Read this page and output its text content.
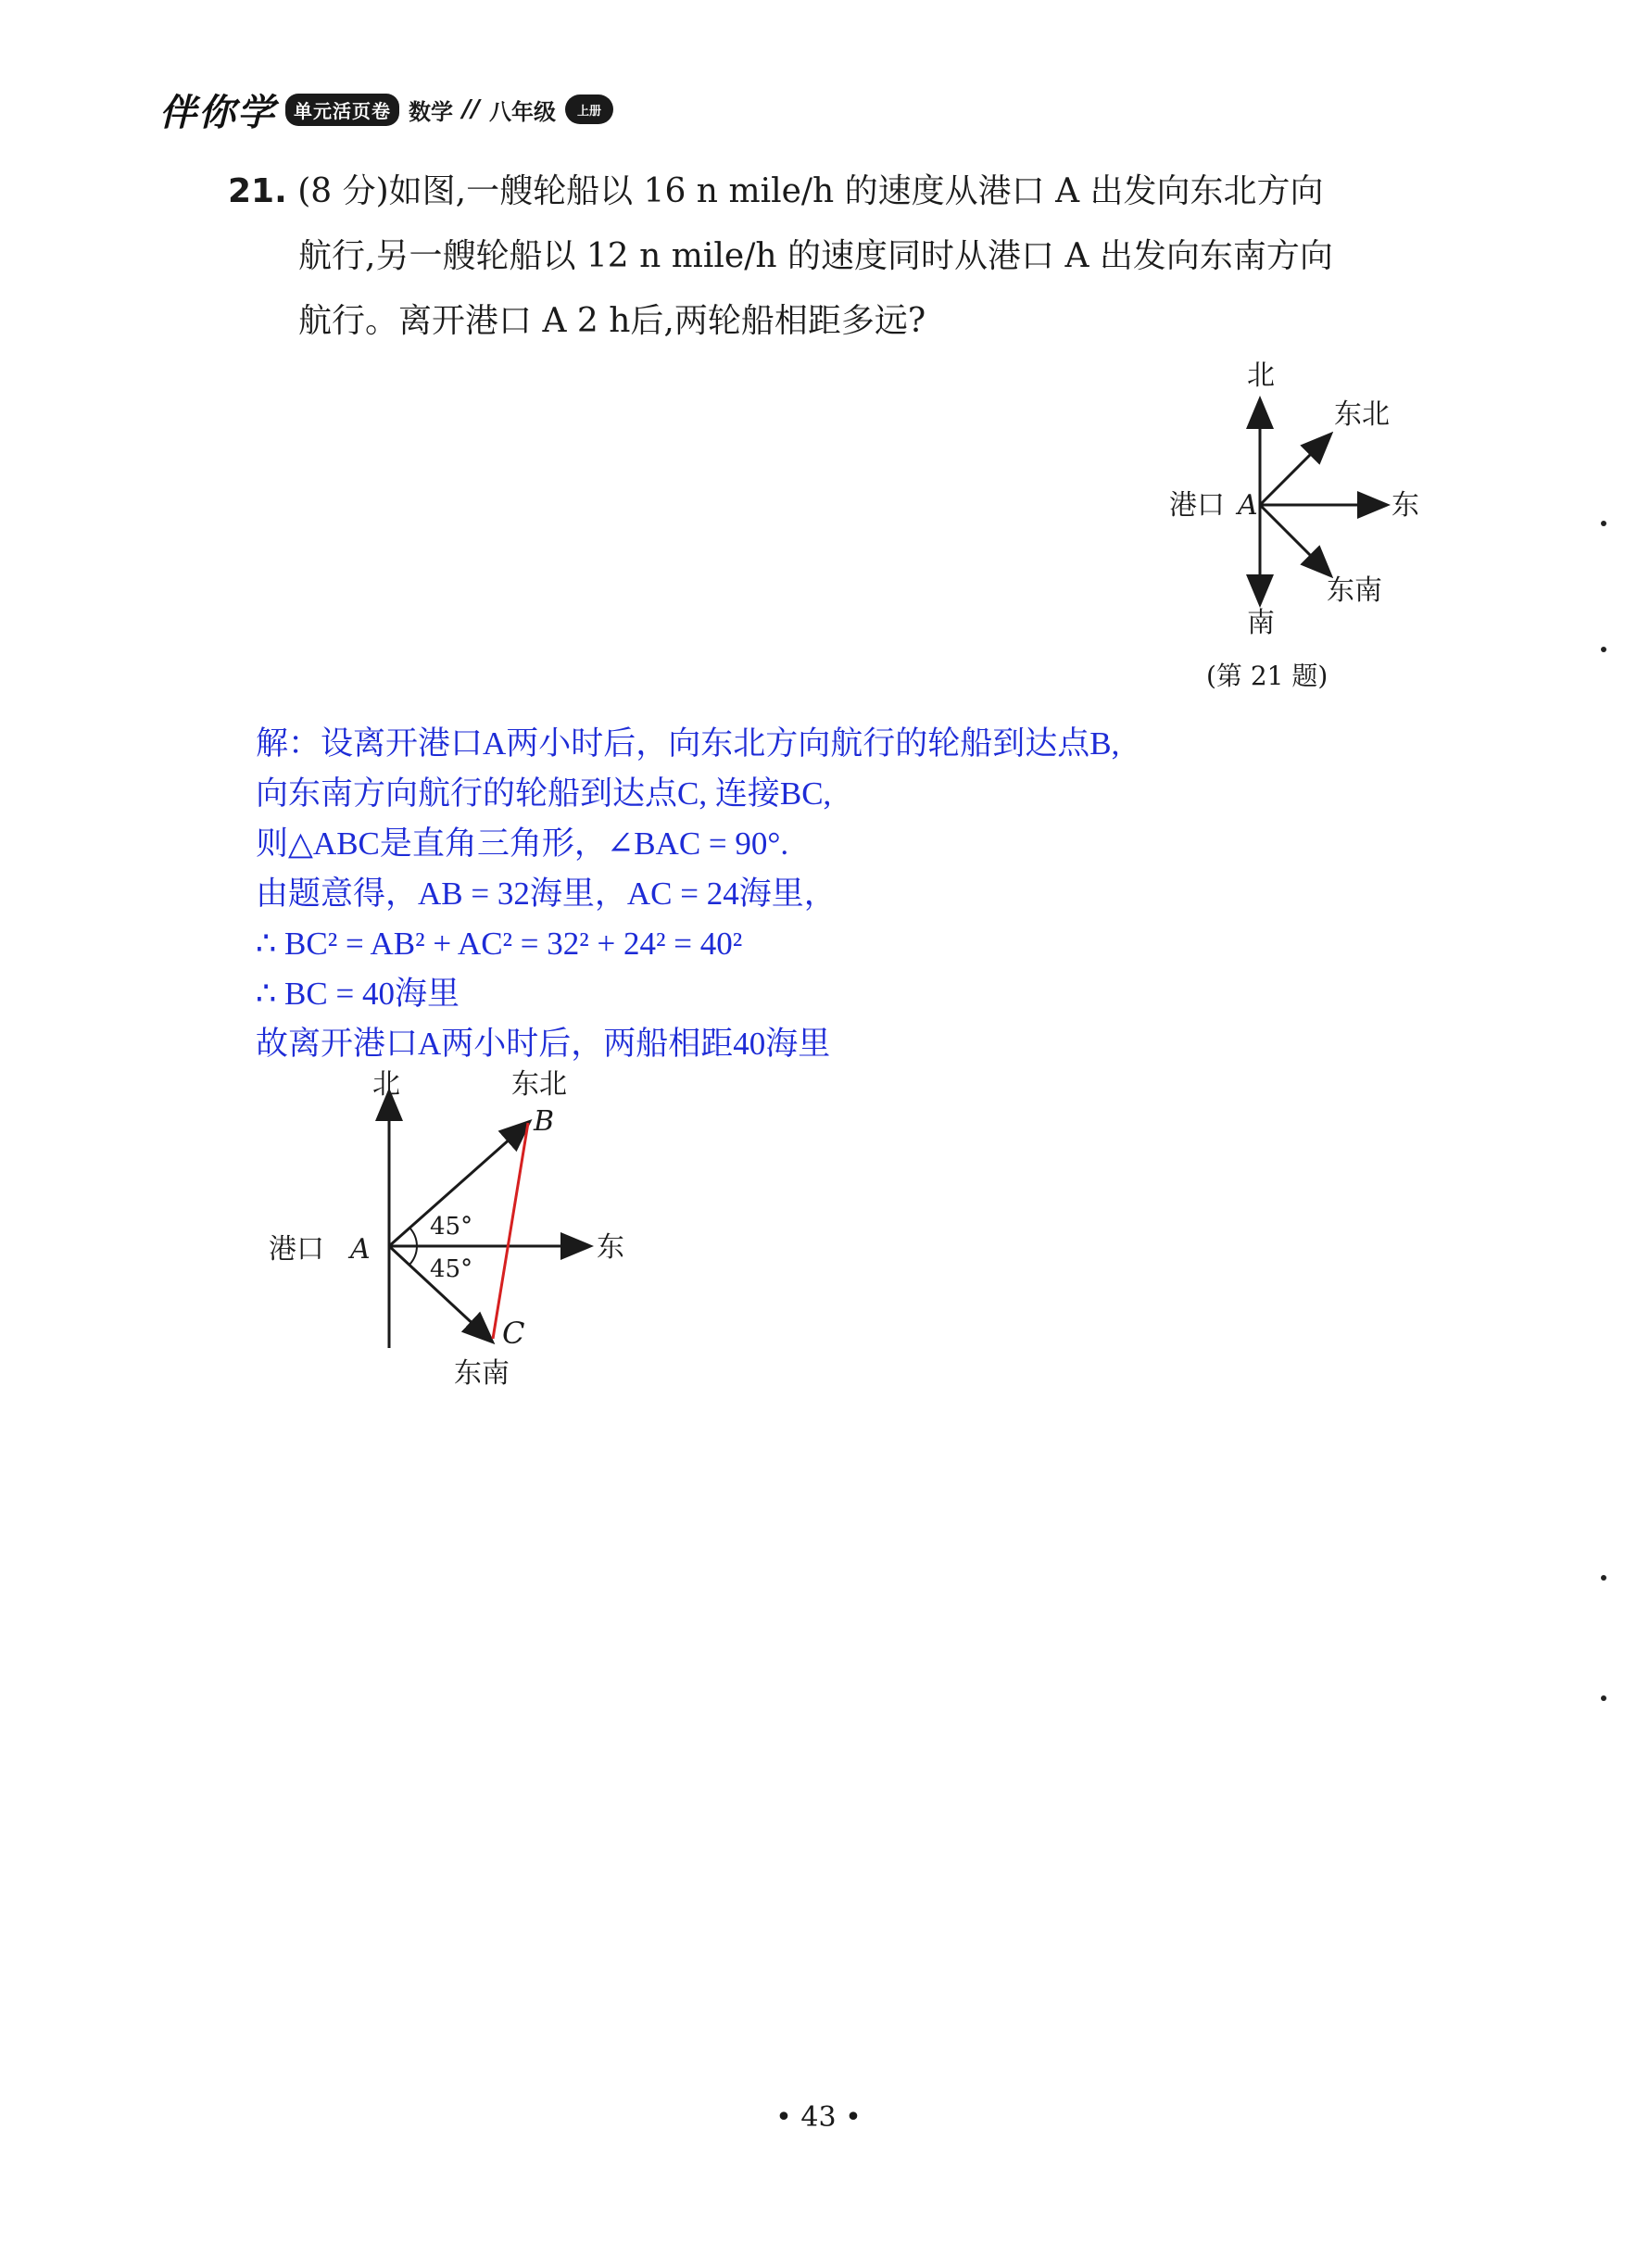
伴你学 单元活页卷 数学 // 八年级	上册
21. (8 分)如图,一艘轮船以 16 n mile/h 的速度从港口 A 出发向东北方向
航行,另一艘轮船以 12 n mile/h 的速度同时从港口 A 出发向东南方向
航行。离开港口 A 2 h后,两轮船相距多远?
北
东北
港口 A	东
东南
南
(第 21 题)
解：设离开港口A两小时后，向东北方向航行的轮船到达点B,
向东南方向航行的轮船到达点C, 连接BC,
则△ABC是直角三角形，∠BAC = 90°.
由题意得，AB = 32海里，AC = 24海里，
∴ BC² = AB² + AC² = 32² + 24² = 40²
∴ BC = 40海里
故离开港口A两小时后，两船相距40海里
北	东北
B
港口 A
45°
45°
东
C
东南
• 43 •
